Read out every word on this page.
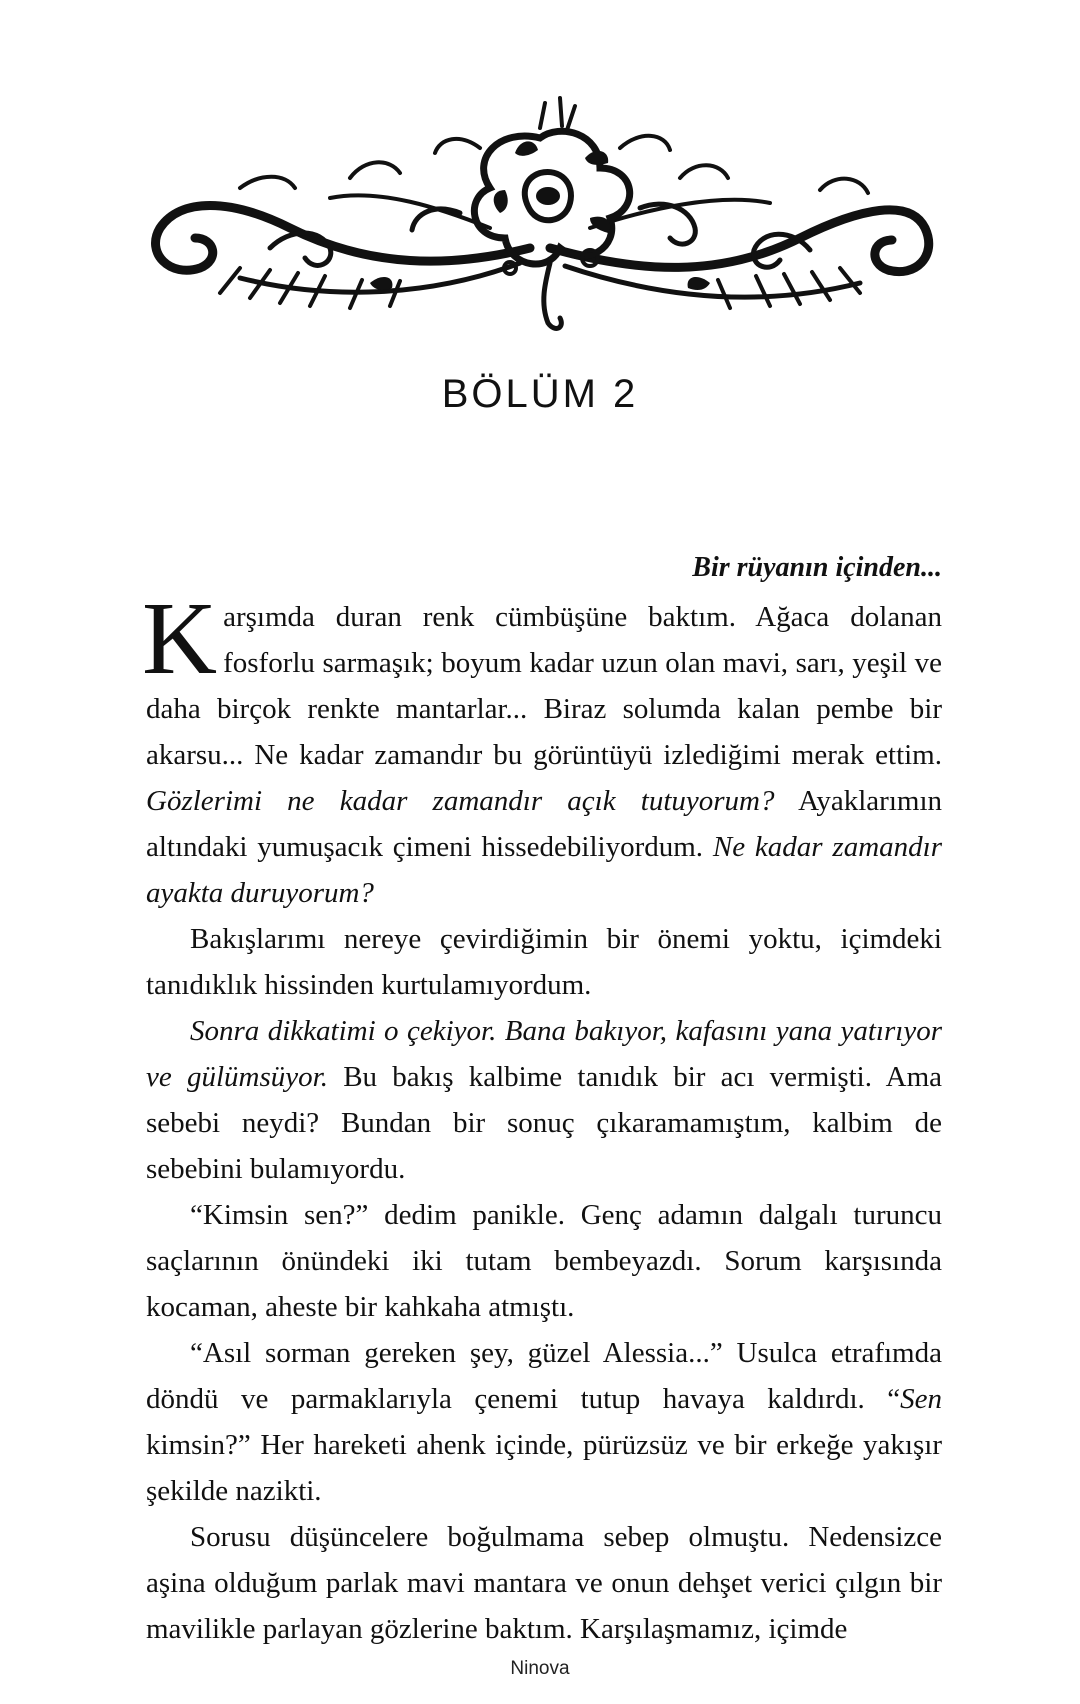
BÖLÜM 2
Bir rüyanın içinden...

Karşımda duran renk cümbüşüne baktım. Ağaca dolanan fosforlu sarmaşık; boyum kadar uzun olan mavi, sarı, yeşil ve daha birçok renkte mantarlar... Biraz solumda kalan pembe bir akarsu... Ne kadar zamandır bu görüntüyü izlediğimi merak ettim. Gözlerimi ne kadar zamandır açık tutuyorum? Ayaklarımın altındaki yumuşacık çimeni hissedebiliyordum. Ne kadar zamandır ayakta duruyorum?

Bakışlarımı nereye çevirdiğimin bir önemi yoktu, içimdeki tanıdıklık hissinden kurtulamıyordum.

Sonra dikkatimi o çekiyor. Bana bakıyor, kafasını yana yatırıyor ve gülümsüyor. Bu bakış kalbime tanıdık bir acı vermişti. Ama sebebi neydi? Bundan bir sonuç çıkaramamıştım, kalbim de sebebini bulamıyordu.

“Kimsin sen?” dedim panikle. Genç adamın dalgalı turuncu saçlarının önündeki iki tutam bembeyazdı. Sorum karşısında kocaman, aheste bir kahkaha atmıştı.

“Asıl sorman gereken şey, güzel Alessia...” Usulca etrafımda döndü ve parmaklarıyla çenemi tutup havaya kaldırdı. “Sen kimsin?” Her hareketi ahenk içinde, pürüzsüz ve bir erkeğe yakışır şekilde nazikti.

Sorusu düşüncelere boğulmama sebep olmuştu. Nedensizce aşina olduğum parlak mavi mantara ve onun dehşet verici çılgın bir mavilikle parlayan gözlerine baktım. Karşılaşmamız, içimde

Ninova
